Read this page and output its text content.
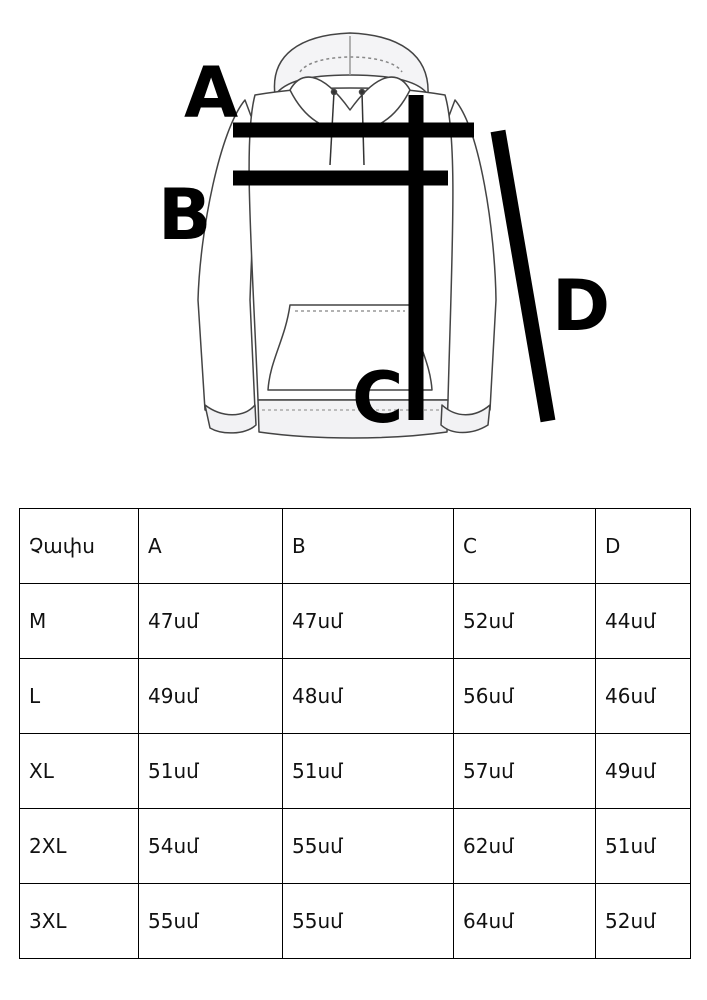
A
B
C
D
Չափս	A	B	C	D
M	47սմ	47սմ	52սմ	44սմ
L	49սմ	48սմ	56սմ	46սմ
XL	51սմ	51սմ	57սմ	49սմ
2XL	54սմ	55սմ	62սմ	51սմ
3XL	55սմ	55սմ	64սմ	52սմ
